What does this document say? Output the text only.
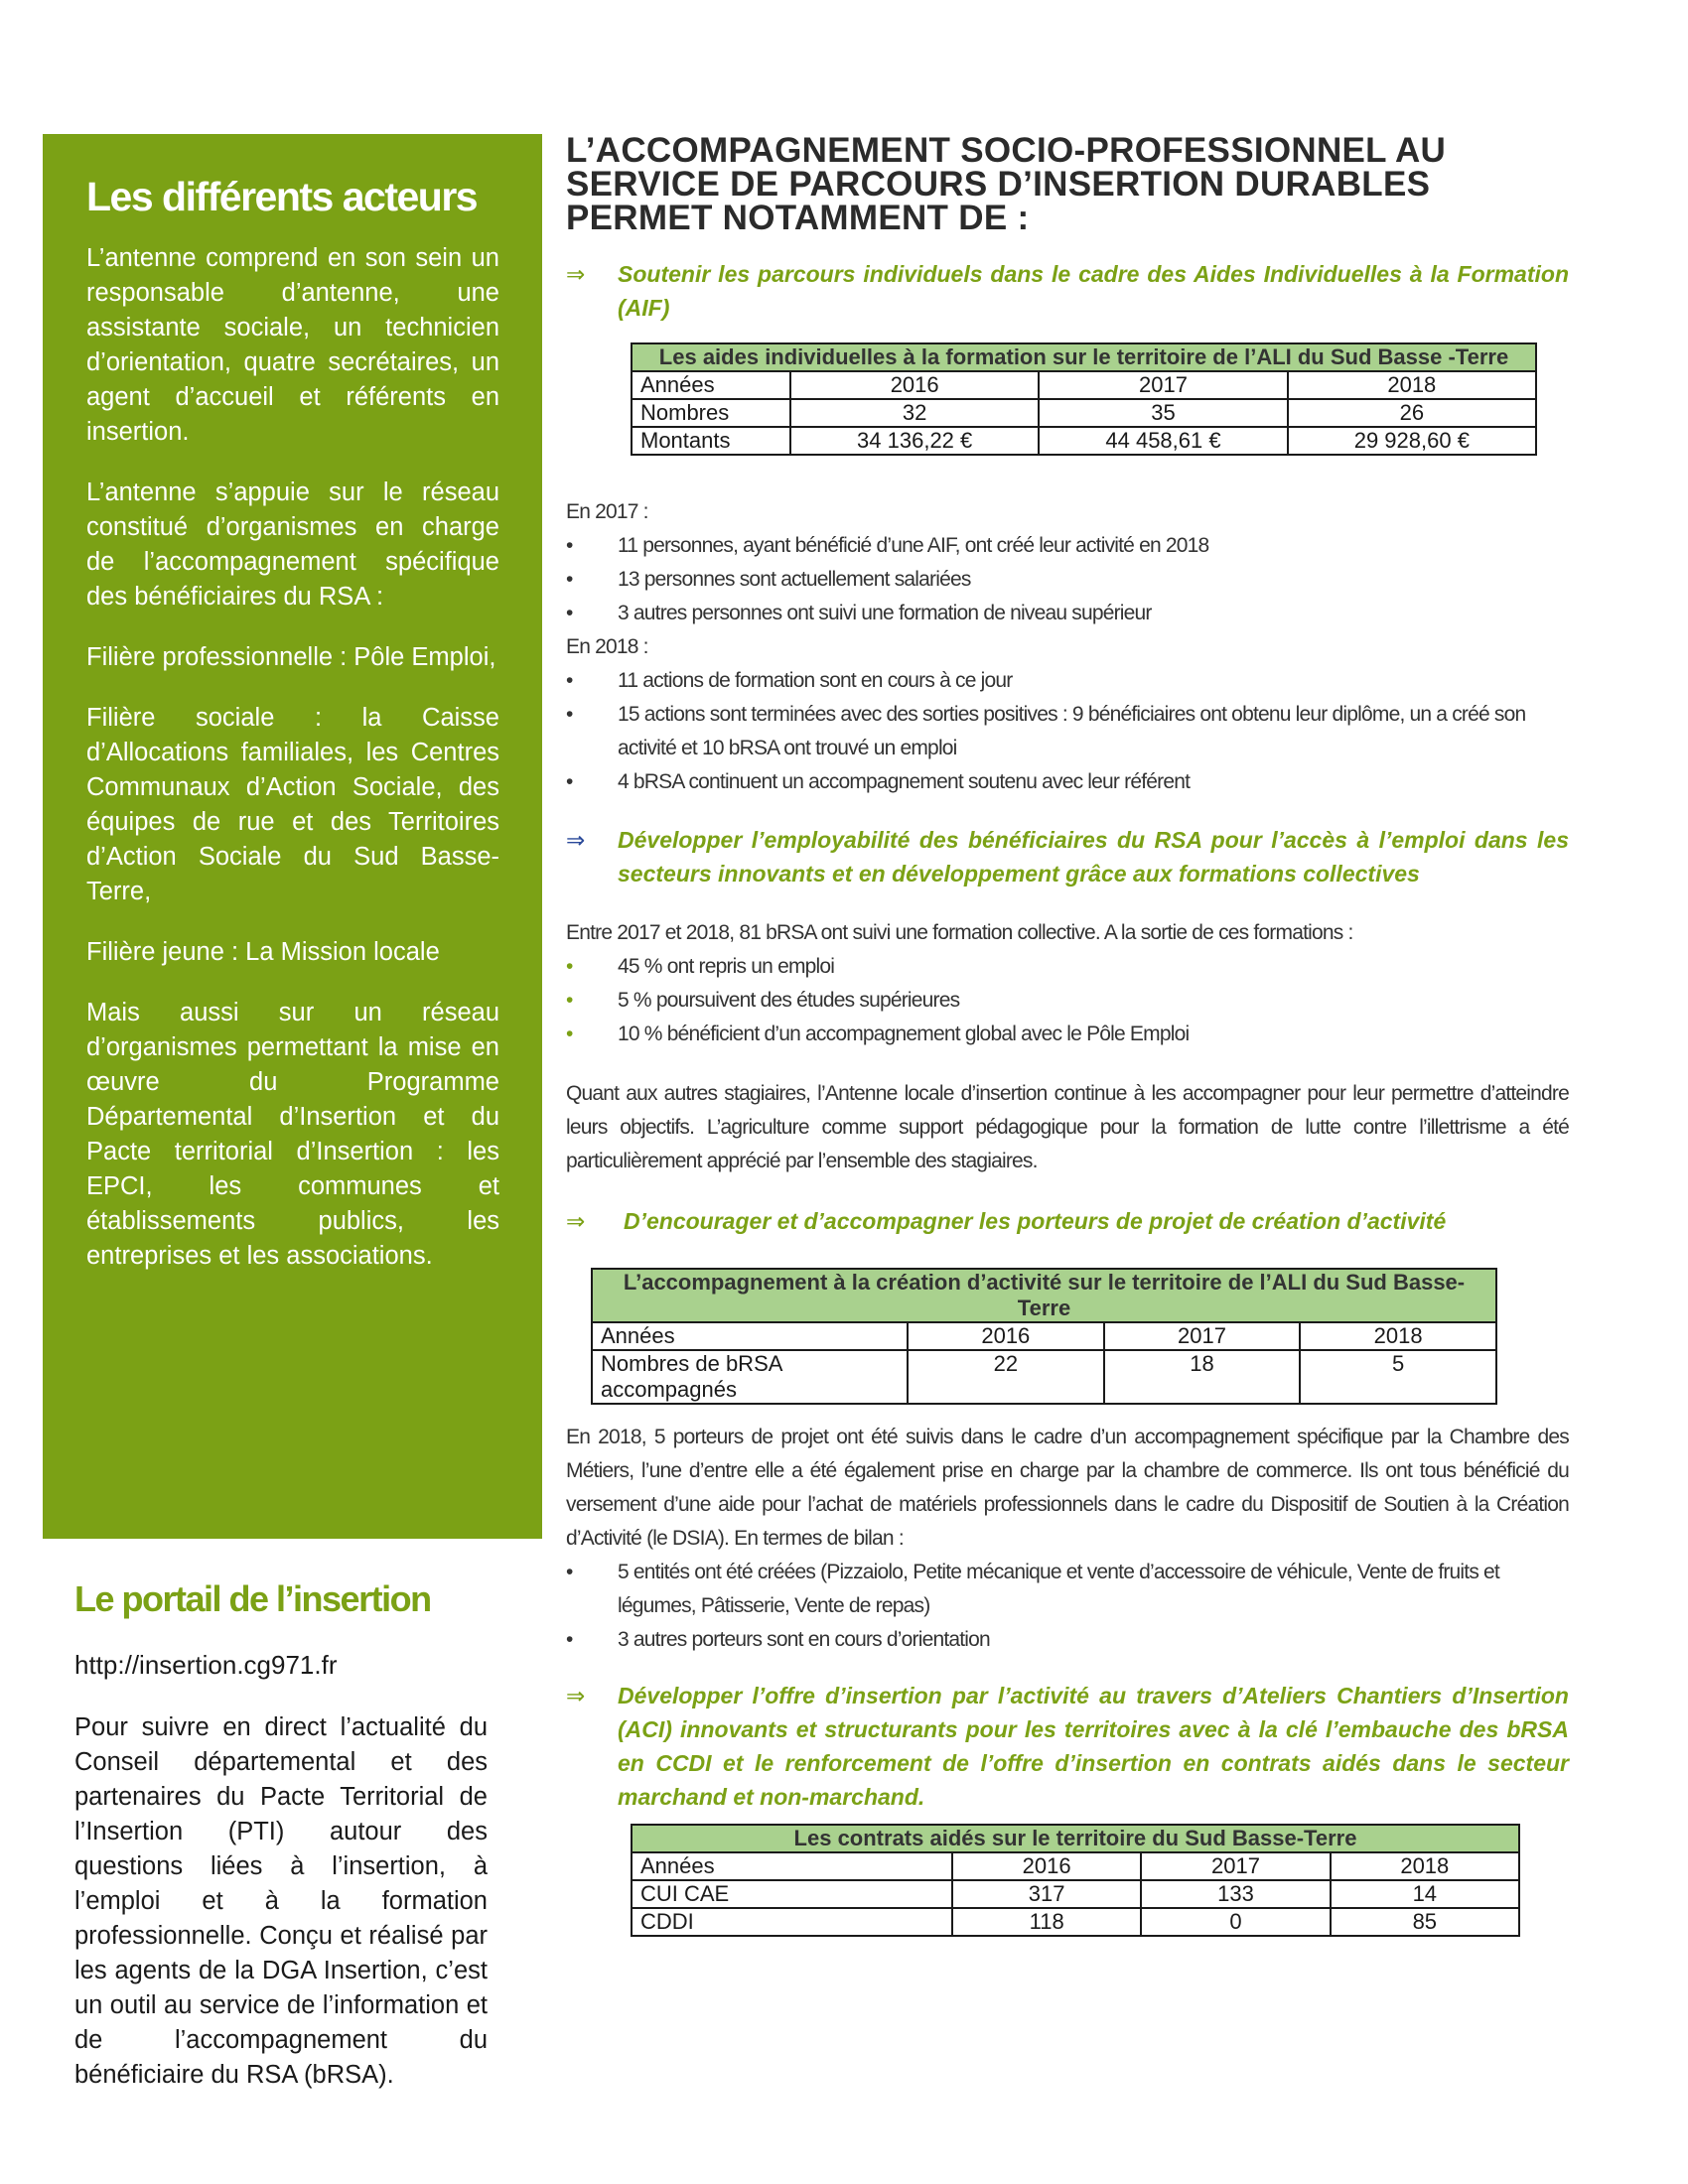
Les différents acteurs

L’antenne comprend en son sein un responsable d’antenne, une assistante sociale, un technicien d’orientation, quatre secrétaires, un agent d’accueil et référents en insertion.

L’antenne s’appuie sur le réseau constitué d’organismes en charge de l’accompagnement spécifique des bénéficiaires du RSA :

Filière professionnelle : Pôle Emploi,

Filière sociale : la Caisse d’Allocations familiales, les Centres Communaux d’Action Sociale, des équipes de rue et des Territoires d’Action Sociale du Sud Basse-Terre,

Filière jeune : La Mission locale

Mais aussi sur un réseau d’organismes permettant la mise en œuvre du Programme Départemental d’Insertion et du Pacte territorial d’Insertion : les EPCI, les communes et établissements publics, les entreprises et les associations.

Le portail de l’insertion
http://insertion.cg971.fr
Pour suivre en direct l’actualité du Conseil départemental et des partenaires du Pacte Territorial de l’Insertion (PTI) autour des questions liées à l’insertion, à l’emploi et à la formation professionnelle. Conçu et réalisé par les agents de la DGA Insertion, c’est un outil au service de l’information et de l’accompagnement du bénéficiaire du RSA (bRSA).
L’ACCOMPAGNEMENT SOCIO-PROFESSIONNEL AU SERVICE DE PARCOURS D’INSERTION DURABLES PERMET NOTAMMENT DE :
⇒ Soutenir les parcours individuels dans le cadre des Aides Individuelles à la Formation (AIF)
Les aides individuelles à la formation sur le territoire de l’ALI du Sud Basse -Terre			
Années	2016	2017	2018
Nombres	32	35	26
Montants	34 136,22 €	44 458,61 €	29 928,60 €
En 2017 :
• 11 personnes, ayant bénéficié d’une AIF, ont créé leur activité en 2018
• 13 personnes sont actuellement salariées
• 3 autres personnes ont suivi une formation de niveau supérieur
En 2018 :
• 11 actions de formation sont en cours à ce jour
• 15 actions sont terminées avec des sorties positives : 9 bénéficiaires ont obtenu leur diplôme, un a créé son activité et 10 bRSA ont trouvé un emploi
• 4 bRSA continuent un accompagnement soutenu avec leur référent
⇒ Développer l’employabilité des bénéficiaires du RSA pour l’accès à l’emploi dans les secteurs innovants et en développement grâce aux formations collectives
Entre 2017 et 2018, 81 bRSA ont suivi une formation collective. A la sortie de ces formations :
• 45 % ont repris un emploi
• 5 % poursuivent des études supérieures
• 10 % bénéficient d’un accompagnement global avec le Pôle Emploi
Quant aux autres stagiaires, l’Antenne locale d’insertion continue à les accompagner pour leur permettre d’atteindre leurs objectifs. L’agriculture comme support pédagogique pour la formation de lutte contre l’illettrisme a été particulièrement apprécié par l’ensemble des stagiaires.
⇒ D’encourager et d’accompagner les porteurs de projet de création d’activité
L’accompagnement à la création d’activité sur le territoire de l’ALI du Sud Basse-Terre			
Années	2016	2017	2018
Nombres de bRSA accompagnés	22	18	5
En 2018, 5 porteurs de projet ont été suivis dans le cadre d’un accompagnement spécifique par la Chambre des Métiers, l’une d’entre elle a été également prise en charge par la chambre de commerce. Ils ont tous bénéficié du versement d’une aide pour l’achat de matériels professionnels dans le cadre du Dispositif de Soutien à la Création d’Activité (le DSIA). En termes de bilan :
• 5 entités ont été créées (Pizzaiolo, Petite mécanique et vente d’accessoire de véhicule, Vente de fruits et légumes, Pâtisserie, Vente de repas)
• 3 autres porteurs sont en cours d’orientation
⇒ Développer l’offre d’insertion par l’activité au travers d’Ateliers Chantiers d’Insertion (ACI) innovants et structurants pour les territoires avec à la clé l’embauche des bRSA en CCDI et le renforcement de l’offre d’insertion en contrats aidés dans le secteur marchand et non-marchand.
Les contrats aidés sur le territoire du Sud Basse-Terre			
Années	2016	2017	2018
CUI CAE	317	133	14
CDDI	118	0	85
